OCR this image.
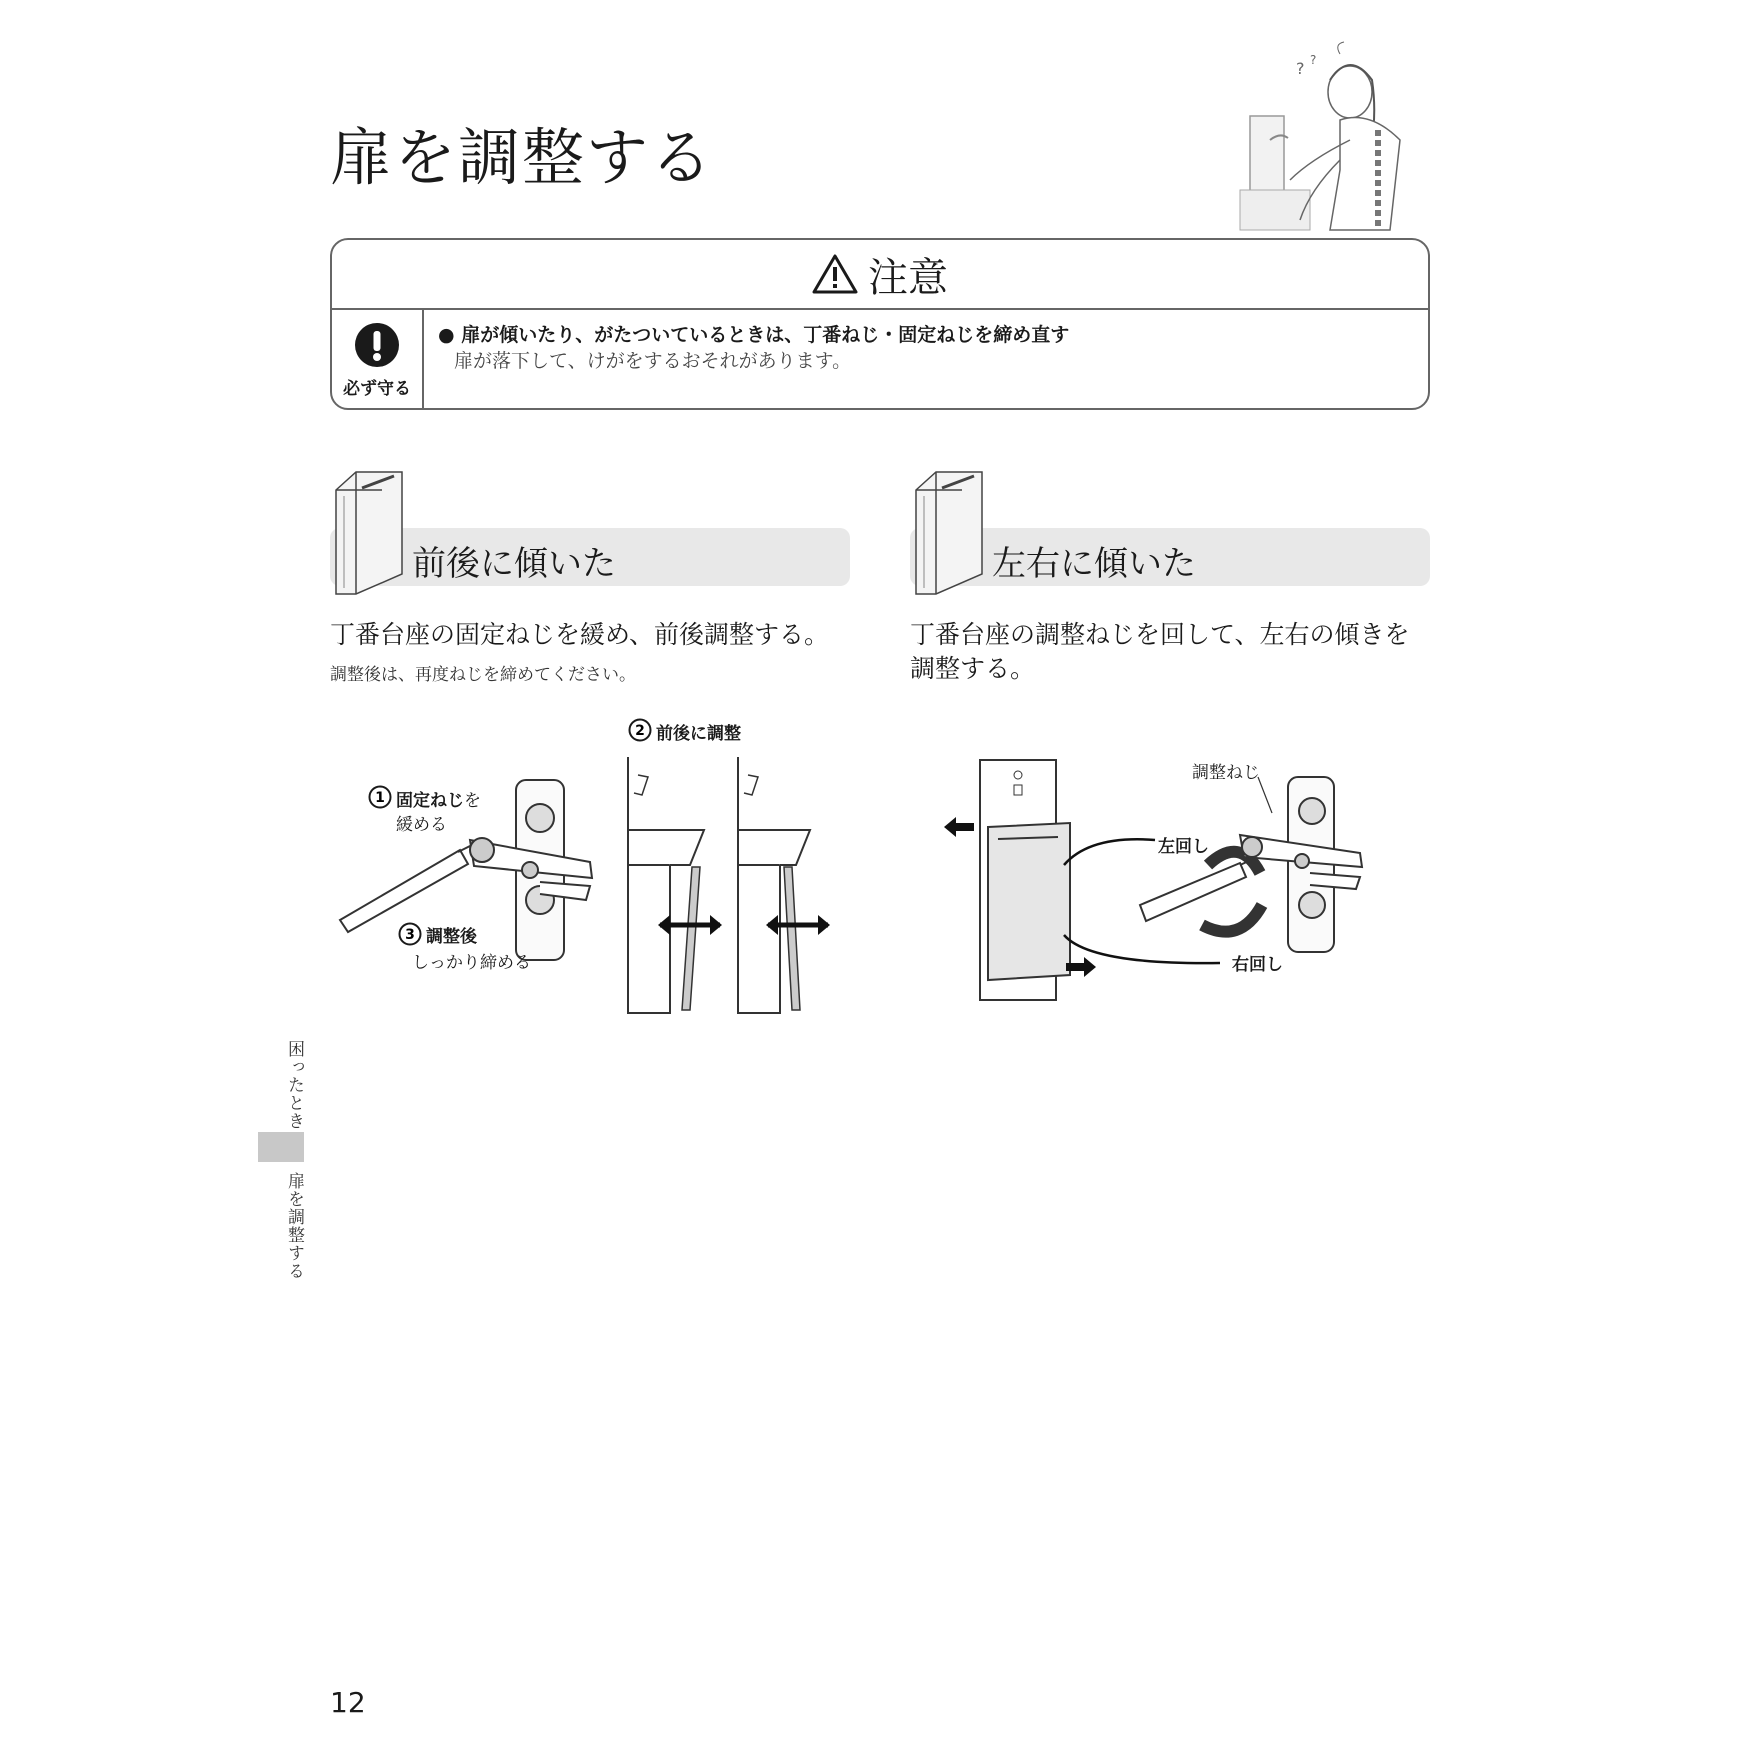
扉を調整する
? ?
注意
必ず守る
● 扉が傾いたり、がたついているときは、丁番ねじ・固定ねじを締め直す
扉が落下して、けがをするおそれがあります。
前後に傾いた	左右に傾いた
丁番台座の固定ねじを緩め、前後調整する。
調整後は、再度ねじを締めてください。
丁番台座の調整ねじを回して、左右の傾きを
調整する。
1 固定ねじを
緩める
3 調整後
しっかり締める
2 前後に調整
調整ねじ
左回し
右回し
困ったとき
扉を調整する
12
